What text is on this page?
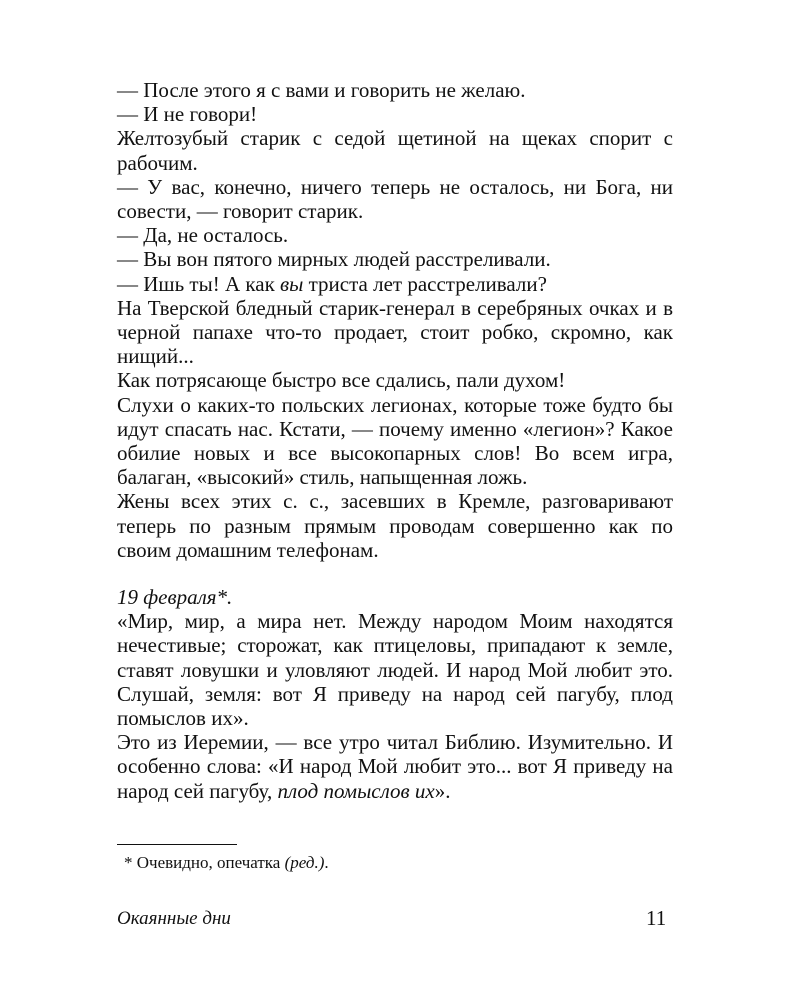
— После этого я с вами и говорить не желаю.

— И не говори!

Желтозубый старик с седой щетиной на щеках спорит с рабочим.

— У вас, конечно, ничего теперь не осталось, ни Бога, ни совести, — говорит старик.

— Да, не осталось.

— Вы вон пятого мирных людей расстреливали.

— Ишь ты! А как вы триста лет расстреливали?

На Тверской бледный старик-генерал в серебряных очках и в черной папахе что-то продает, стоит робко, скромно, как нищий...

Как потрясающе быстро все сдались, пали духом!

Слухи о каких-то польских легионах, которые тоже будто бы идут спасать нас. Кстати, — почему именно «легион»? Какое обилие новых и все высокопарных слов! Во всем игра, балаган, «высокий» стиль, напыщенная ложь.

Жены всех этих с. с., засевших в Кремле, разговаривают теперь по разным прямым проводам совершенно как по своим домашним телефонам.

19 февраля*.

«Мир, мир, а мира нет. Между народом Моим находятся нечестивые; сторожат, как птицеловы, припадают к земле, ставят ловушки и уловляют людей. И народ Мой любит это. Слушай, земля: вот Я приведу на народ сей пагубу, плод помыслов их».

Это из Иеремии, — все утро читал Библию. Изумительно. И особенно слова: «И народ Мой любит это... вот Я приведу на народ сей пагубу, плод помыслов их».

* Очевидно, опечатка (ред.).
Окаянные дни	11
